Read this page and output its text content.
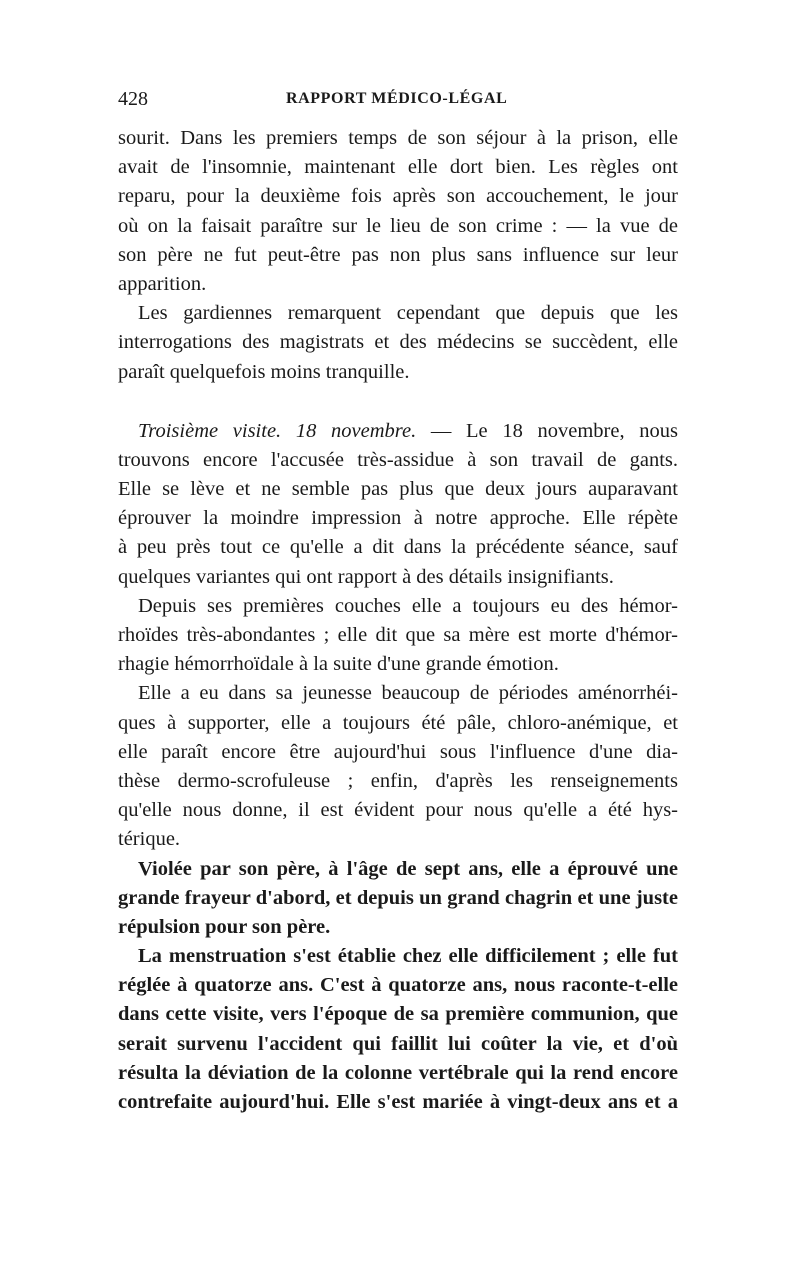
428	RAPPORT MÉDICO-LÉGAL
sourit. Dans les premiers temps de son séjour à la prison, elle
avait de l'insomnie, maintenant elle dort bien. Les règles ont
reparu, pour la deuxième fois après son accouchement, le jour
où on la faisait paraître sur le lieu de son crime : — la vue de
son père ne fut peut-être pas non plus sans influence sur leur
apparition.
Les gardiennes remarquent cependant que depuis que les
interrogations des magistrats et des médecins se succèdent, elle
paraît quelquefois moins tranquille.
Troisième visite. 18 novembre. — Le 18 novembre, nous
trouvons encore l'accusée très-assidue à son travail de gants.
Elle se lève et ne semble pas plus que deux jours auparavant
éprouver la moindre impression à notre approche. Elle répète
à peu près tout ce qu'elle a dit dans la précédente séance, sauf
quelques variantes qui ont rapport à des détails insignifiants.
Depuis ses premières couches elle a toujours eu des hémor-
rhoïdes très-abondantes ; elle dit que sa mère est morte d'hémor-
rhagie hémorrhoïdale à la suite d'une grande émotion.
Elle a eu dans sa jeunesse beaucoup de périodes aménorrhéi-
ques à supporter, elle a toujours été pâle, chloro-anémique, et
elle paraît encore être aujourd'hui sous l'influence d'une dia-
thèse dermo-scrofuleuse ; enfin, d'après les renseignements
qu'elle nous donne, il est évident pour nous qu'elle a été hys-
térique.
Violée par son père, à l'âge de sept ans, elle a éprouvé une
grande frayeur d'abord, et depuis un grand chagrin et une juste
répulsion pour son père.
La menstruation s'est établie chez elle difficilement ; elle fut
réglée à quatorze ans. C'est à quatorze ans, nous raconte-t-elle
dans cette visite, vers l'époque de sa première communion, que
serait survenu l'accident qui faillit lui coûter la vie, et d'où
résulta la déviation de la colonne vertébrale qui la rend encore
contrefaite aujourd'hui. Elle s'est mariée à vingt-deux ans et a
